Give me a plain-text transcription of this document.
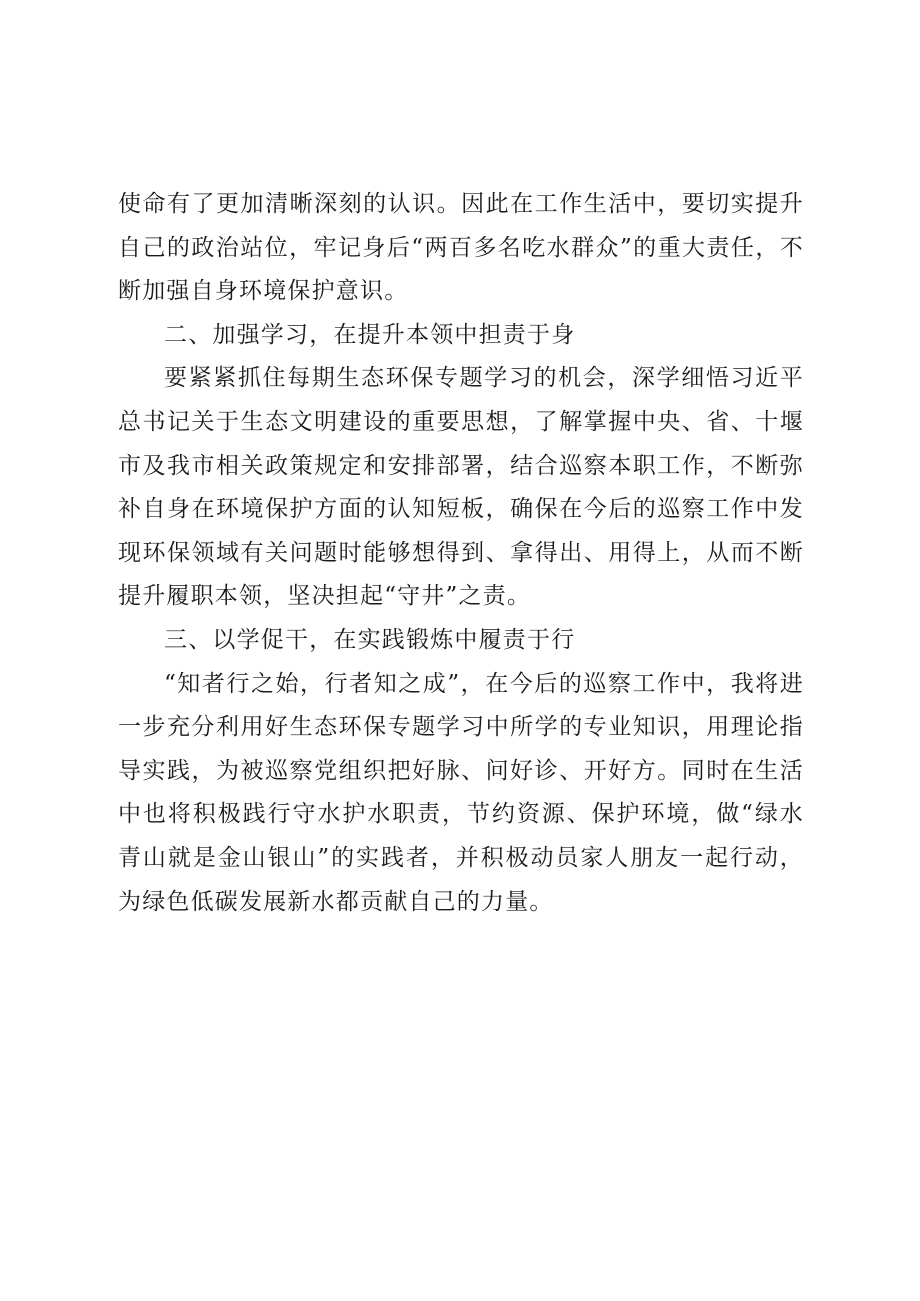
使命有了更加清晰深刻的认识。因此在工作生活中，要切实提升自己的政治站位，牢记身后“两百多名吃水群众”的重大责任，不断加强自身环境保护意识。

二、加强学习，在提升本领中担责于身

要紧紧抓住每期生态环保专题学习的机会，深学细悟习近平总书记关于生态文明建设的重要思想，了解掌握中央、省、十堰市及我市相关政策规定和安排部署，结合巡察本职工作，不断弥补自身在环境保护方面的认知短板，确保在今后的巡察工作中发现环保领域有关问题时能够想得到、拿得出、用得上，从而不断提升履职本领，坚决担起“守井”之责。

三、以学促干，在实践锻炼中履责于行

“知者行之始，行者知之成”，在今后的巡察工作中，我将进一步充分利用好生态环保专题学习中所学的专业知识，用理论指导实践，为被巡察党组织把好脉、问好诊、开好方。同时在生活中也将积极践行守水护水职责，节约资源、保护环境，做“绿水青山就是金山银山”的实践者，并积极动员家人朋友一起行动，为绿色低碳发展新水都贡献自己的力量。
